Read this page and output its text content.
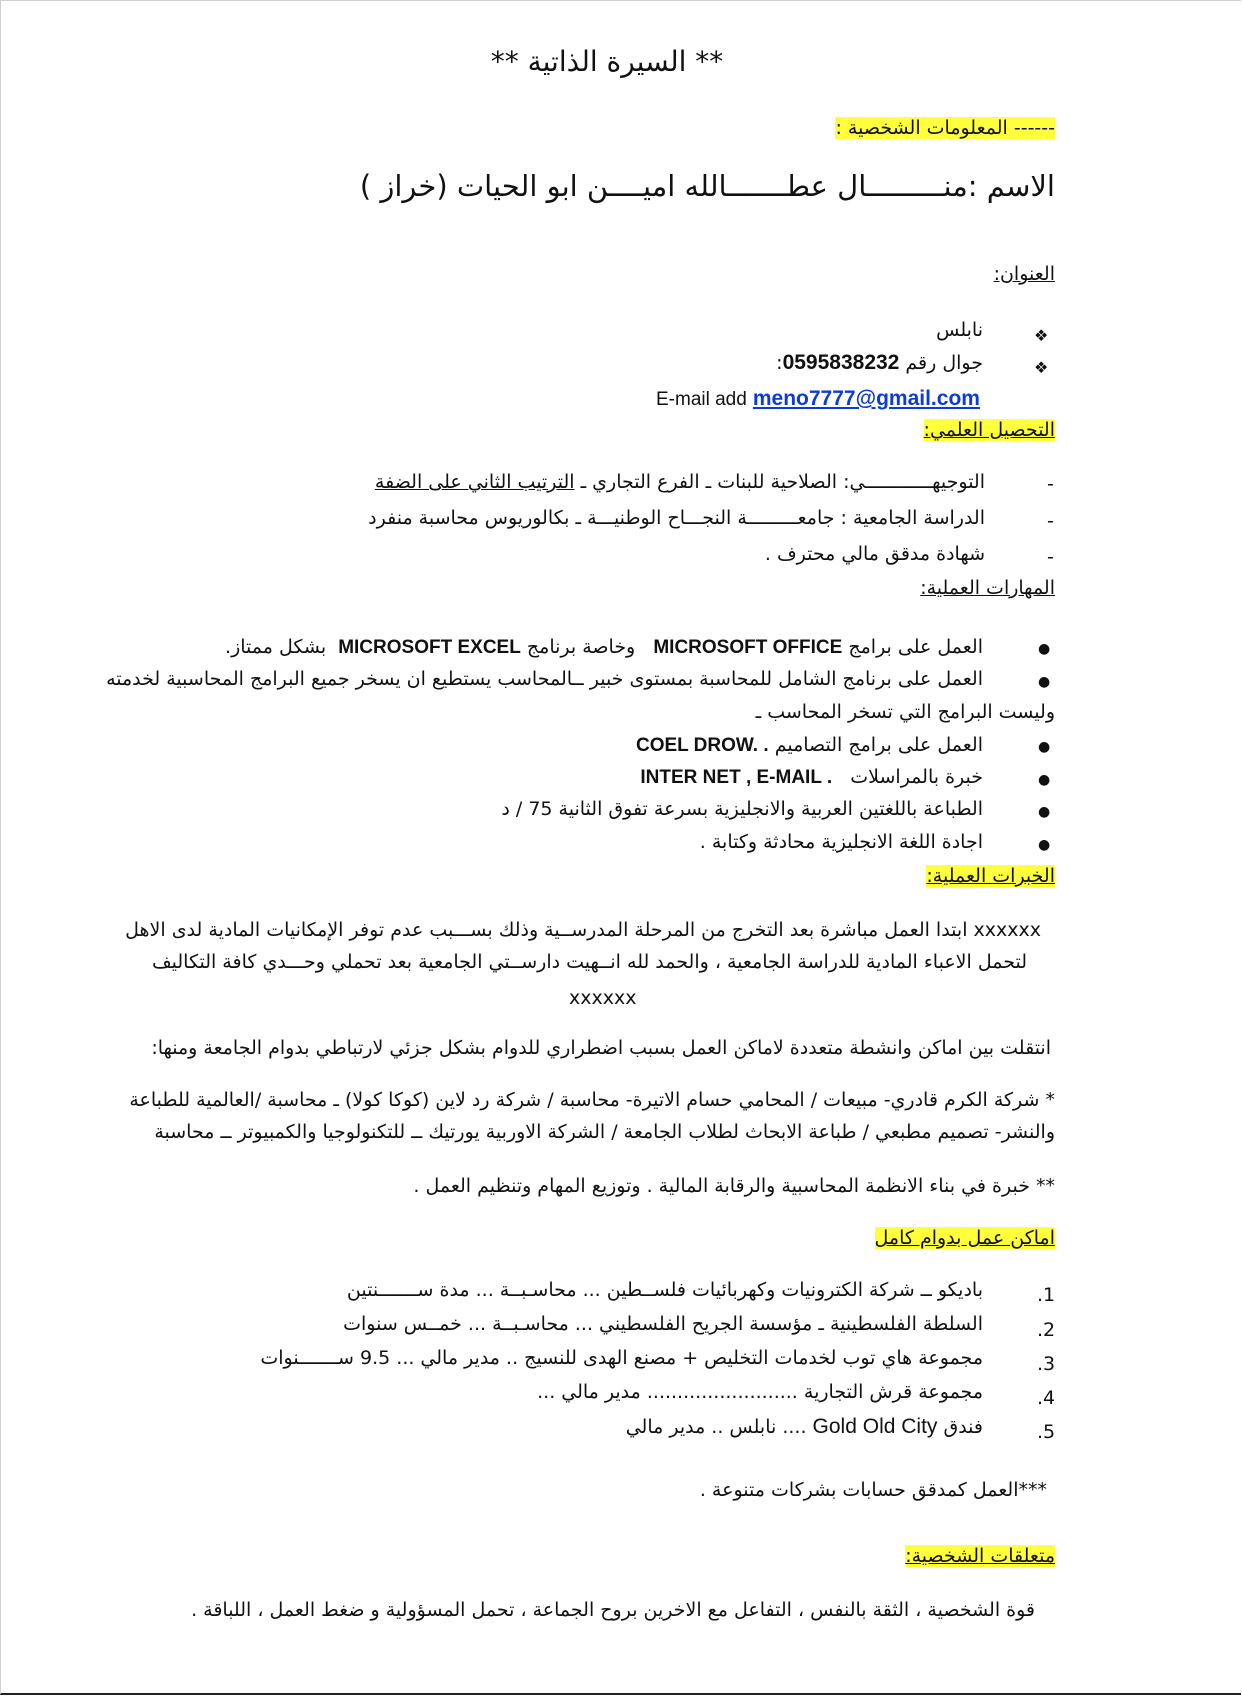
** السيرة الذاتية **
------ المعلومات الشخصية :
الاسم :منـــــــــال عطـــــــالله اميــــن ابو الحيات (خراز )
العنوان:
❖
نابلس
❖
جوال رقم 0595838232:
E-mail add meno7777@gmail.com
التحصيل العلمي:
-
التوجيهــــــــــــي: الصلاحية للبنات ـ الفرع التجاري ـ الترتيب الثاني على الضفة
-
الدراسة الجامعية : جامعـــــــــة النجـــاح الوطنيـــة ـ بكالوريوس محاسبة منفرد
-
شهادة مدقق مالي محترف .
المهارات العملية:
●
العمل على برامج MICROSOFT OFFICE   وخاصة برنامج MICROSOFT EXCEL  بشكل ممتاز.
●
العمل على برنامج الشامل للمحاسبة بمستوى خبير ــالمحاسب يستطيع ان يسخر جميع البرامج المحاسبية لخدمته
وليست البرامج التي تسخر المحاسب ـ
●
العمل على برامج التصاميم COEL DROW. .
●
خبرة بالمراسلات   INTER NET , E-MAIL .
●
الطباعة باللغتين العربية والانجليزية بسرعة تفوق الثانية 75 / د
●
اجادة اللغة الانجليزية محادثة وكتابة .
الخبرات العملية:
xxxxxx ابتدا العمل مباشرة بعد التخرج من المرحلة المدرســية وذلك بســـبب عدم توفر الإمكانيات المادية لدى الاهل
لتحمل الاعباء المادية للدراسة الجامعية ، والحمد لله انــهيت دارســتي الجامعية بعد تحملي وحـــدي كافة التكاليف
xxxxxx
انتقلت بين اماكن وانشطة متعددة لاماكن العمل بسبب اضطراري للدوام بشكل جزئي لارتباطي بدوام الجامعة ومنها:
* شركة الكرم قادري- مبيعات / المحامي حسام الاتيرة- محاسبة / شركة رد لاين (كوكا كولا) ـ محاسبة /العالمية للطباعة
والنشر- تصميم مطبعي / طباعة الابحاث لطلاب الجامعة / الشركة الاوربية يورتيك ــ للتكنولوجيا والكمبيوتر ــ محاسبة
** خبرة في بناء الانظمة المحاسبية والرقابة المالية . وتوزيع المهام وتنظيم العمل .
اماكن عمل بدوام كامل
.1
باديكو ــ شركة الكترونيات وكهربائيات فلســطين ... محاسـبــة ... مدة ســـــــنتين
.2
السلطة الفلسطينية ـ مؤسسة الجريح الفلسطيني ... محاسـبــة ... خمــس سنوات
.3
مجموعة هاي توب لخدمات التخليص + مصنع الهدى للنسيج .. مدير مالي ... 9.5 ســـــــنوات
.4
مجموعة قرش التجارية ......................... مدير مالي ...
.5
فندق Gold Old City .... نابلس .. مدير مالي
***العمل كمدقق حسابات بشركات متنوعة .
متعلقات الشخصية:
قوة الشخصية ، الثقة بالنفس ، التفاعل مع الاخرين بروح الجماعة ، تحمل المسؤولية و ضغط العمل ، اللباقة .
